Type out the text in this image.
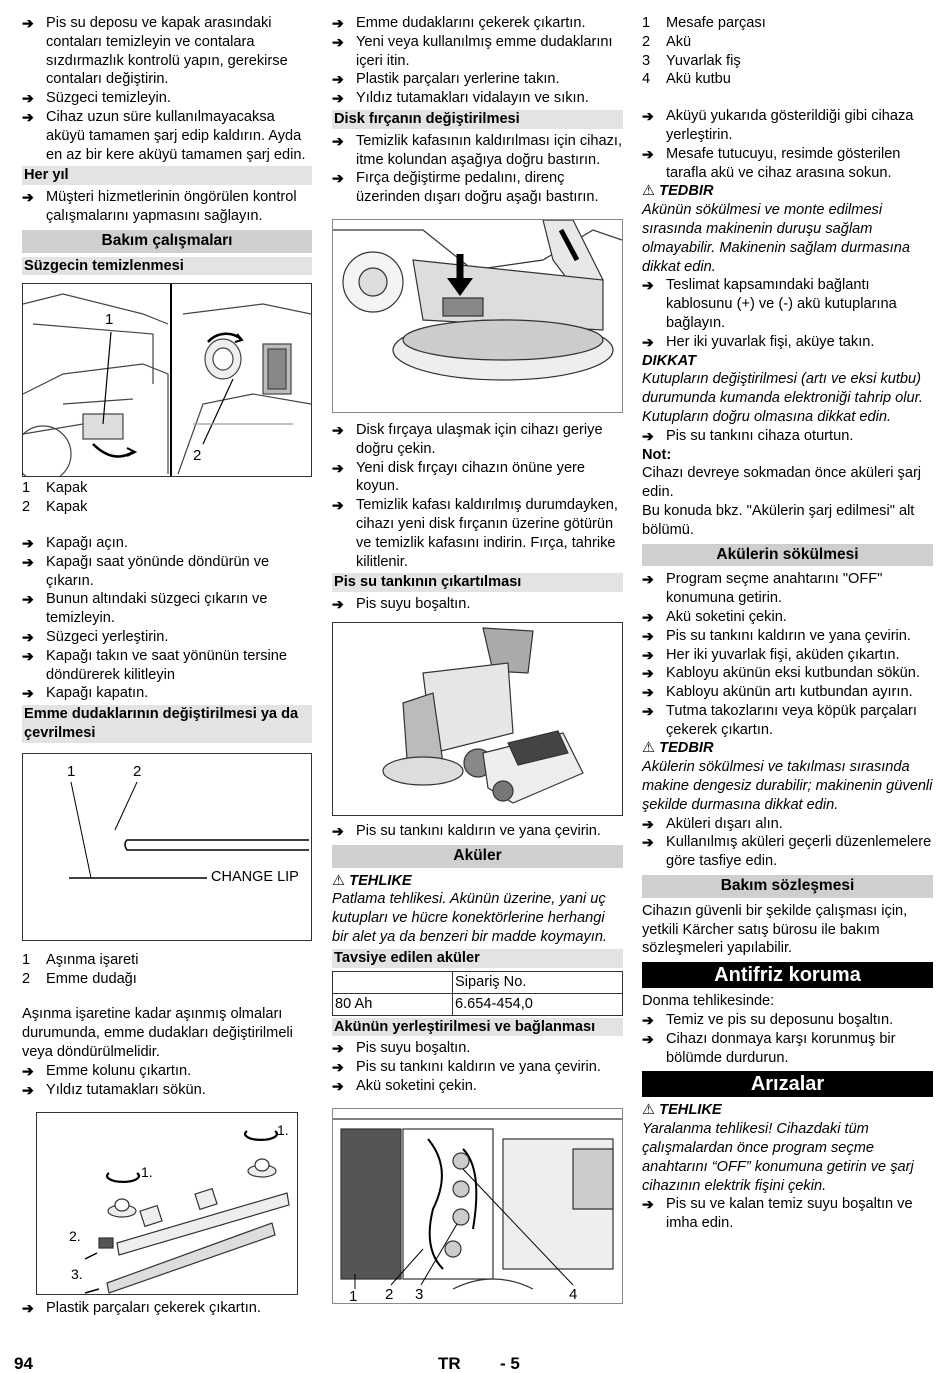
➔ Pis su deposu ve kapak arasındaki contaları temizleyin ve contalara sızdırmazlık kontrolü yapın, gerekirse contaları değiştirin.

➔ Süzgeci temizleyin.

➔ Cihaz uzun süre kullanılmayacaksa aküyü tamamen şarj edip kaldırın. Ayda en az bir kere aküyü tamamen şarj edin.

Her yıl

➔ Müşteri hizmetlerinin öngörülen kontrol çalışmalarını yapmasını sağlayın.

Bakım çalışmaları
Süzgecin temizlenmesi
1
2
1	Kapak
2	Kapak

➔ Kapağı açın.

➔ Kapağı saat yönünde döndürün ve çıkarın.

➔ Bunun altındaki süzgeci çıkarın ve temizleyin.

➔ Süzgeci yerleştirin.

➔ Kapağı takın ve saat yönünün tersine döndürerek kilitleyin

➔ Kapağı kapatın.

Emme dudaklarının değiştirilmesi ya da çevrilmesi
1	2
CHANGE LIP
1	Aşınma işareti
2	Emme dudağı

Aşınma işaretine kadar aşınmış olmaları durumunda, emme dudakları değiştirilmeli veya döndürülmelidir.

➔ Emme kolunu çıkartın.

➔ Yıldız tutamakları sökün.

1.
1.
2.
3.

➔ Plastik parçaları çekerek çıkartın.

➔ Emme dudaklarını çekerek çıkartın.

➔ Yeni veya kullanılmış emme dudaklarını içeri itin.

➔ Plastik parçaları yerlerine takın.

➔ Yıldız tutamakları vidalayın ve sıkın.

Disk fırçanın değiştirilmesi

➔ Temizlik kafasının kaldırılması için cihazı, itme kolundan aşağıya doğru bastırın.

➔ Fırça değiştirme pedalını, direnç üzerinden dışarı doğru aşağı bastırın.

➔ Disk fırçaya ulaşmak için cihazı geriye doğru çekin.

➔ Yeni disk fırçayı cihazın önüne yere koyun.

➔ Temizlik kafası kaldırılmış durumdayken, cihazı yeni disk fırçanın üzerine götürün ve temizlik kafasını indirin. Fırça, tahrike kilitlenir.

Pis su tankının çıkartılması

➔ Pis suyu boşaltın.

➔ Pis su tankını kaldırın ve yana çevirin.

Aküler

⚠ TEHLIKE

Patlama tehlikesi. Akünün üzerine, yani uç kutupları ve hücre konektörlerine herhangi bir alet ya da benzeri bir madde koymayın.

Tavsiye edilen aküler
	Sipariş No.
80 Ah	6.654-454,0
Akünün yerleştirilmesi ve bağlanması

➔ Pis suyu boşaltın.

➔ Pis su tankını kaldırın ve yana çevirin.

➔ Akü soketini çekin.

1 2 3	4
1	Mesafe parçası
2	Akü
3	Yuvarlak fiş
4	Akü kutbu

➔ Aküyü yukarıda gösterildiği gibi cihaza yerleştirin.

➔ Mesafe tutucuyu, resimde gösterilen tarafla akü ve cihaz arasına sokun.

⚠ TEDBIR

Akünün sökülmesi ve monte edilmesi sırasında makinenin duruşu sağlam olmayabilir. Makinenin sağlam durmasına dikkat edin.

➔ Teslimat kapsamındaki bağlantı kablosunu (+) ve (-) akü kutuplarına bağlayın.

➔ Her iki yuvarlak fişi, aküye takın.

DIKKAT

Kutupların değiştirilmesi (artı ve eksi kutbu) durumunda kumanda elektroniği tahrip olur.

Kutupların doğru olmasına dikkat edin.

➔ Pis su tankını cihaza oturtun.

Not:

Cihazı devreye sokmadan önce aküleri şarj edin.

Bu konuda bkz. "Akülerin şarj edilmesi" alt bölümü.

Akülerin sökülmesi

➔ Program seçme anahtarını "OFF" konumuna getirin.

➔ Akü soketini çekin.

➔ Pis su tankını kaldırın ve yana çevirin.

➔ Her iki yuvarlak fişi, aküden çıkartın.

➔ Kabloyu akünün eksi kutbundan sökün.

➔ Kabloyu akünün artı kutbundan ayırın.

➔ Tutma takozlarını veya köpük parçaları çekerek çıkartın.

⚠ TEDBIR

Akülerin sökülmesi ve takılması sırasında makine dengesiz durabilir; makinenin güvenli şekilde durmasına dikkat edin.

➔ Aküleri dışarı alın.

➔ Kullanılmış aküleri geçerli düzenlemelere göre tasfiye edin.

Bakım sözleşmesi

Cihazın güvenli bir şekilde çalışması için, yetkili Kärcher satış bürosu ile bakım sözleşmeleri yapılabilir.

Antifriz koruma

Donma tehlikesinde:

➔ Temiz ve pis su deposunu boşaltın.

➔ Cihazı donmaya karşı korunmuş bir bölümde durdurun.

Arızalar

⚠ TEHLIKE

Yaralanma tehlikesi! Cihazdaki tüm çalışmalardan önce program seçme anahtarını “OFF” konumuna getirin ve şarj cihazının elektrik fişini çekin.

➔ Pis su ve kalan temiz suyu boşaltın ve imha edin.

94	TR - 5
